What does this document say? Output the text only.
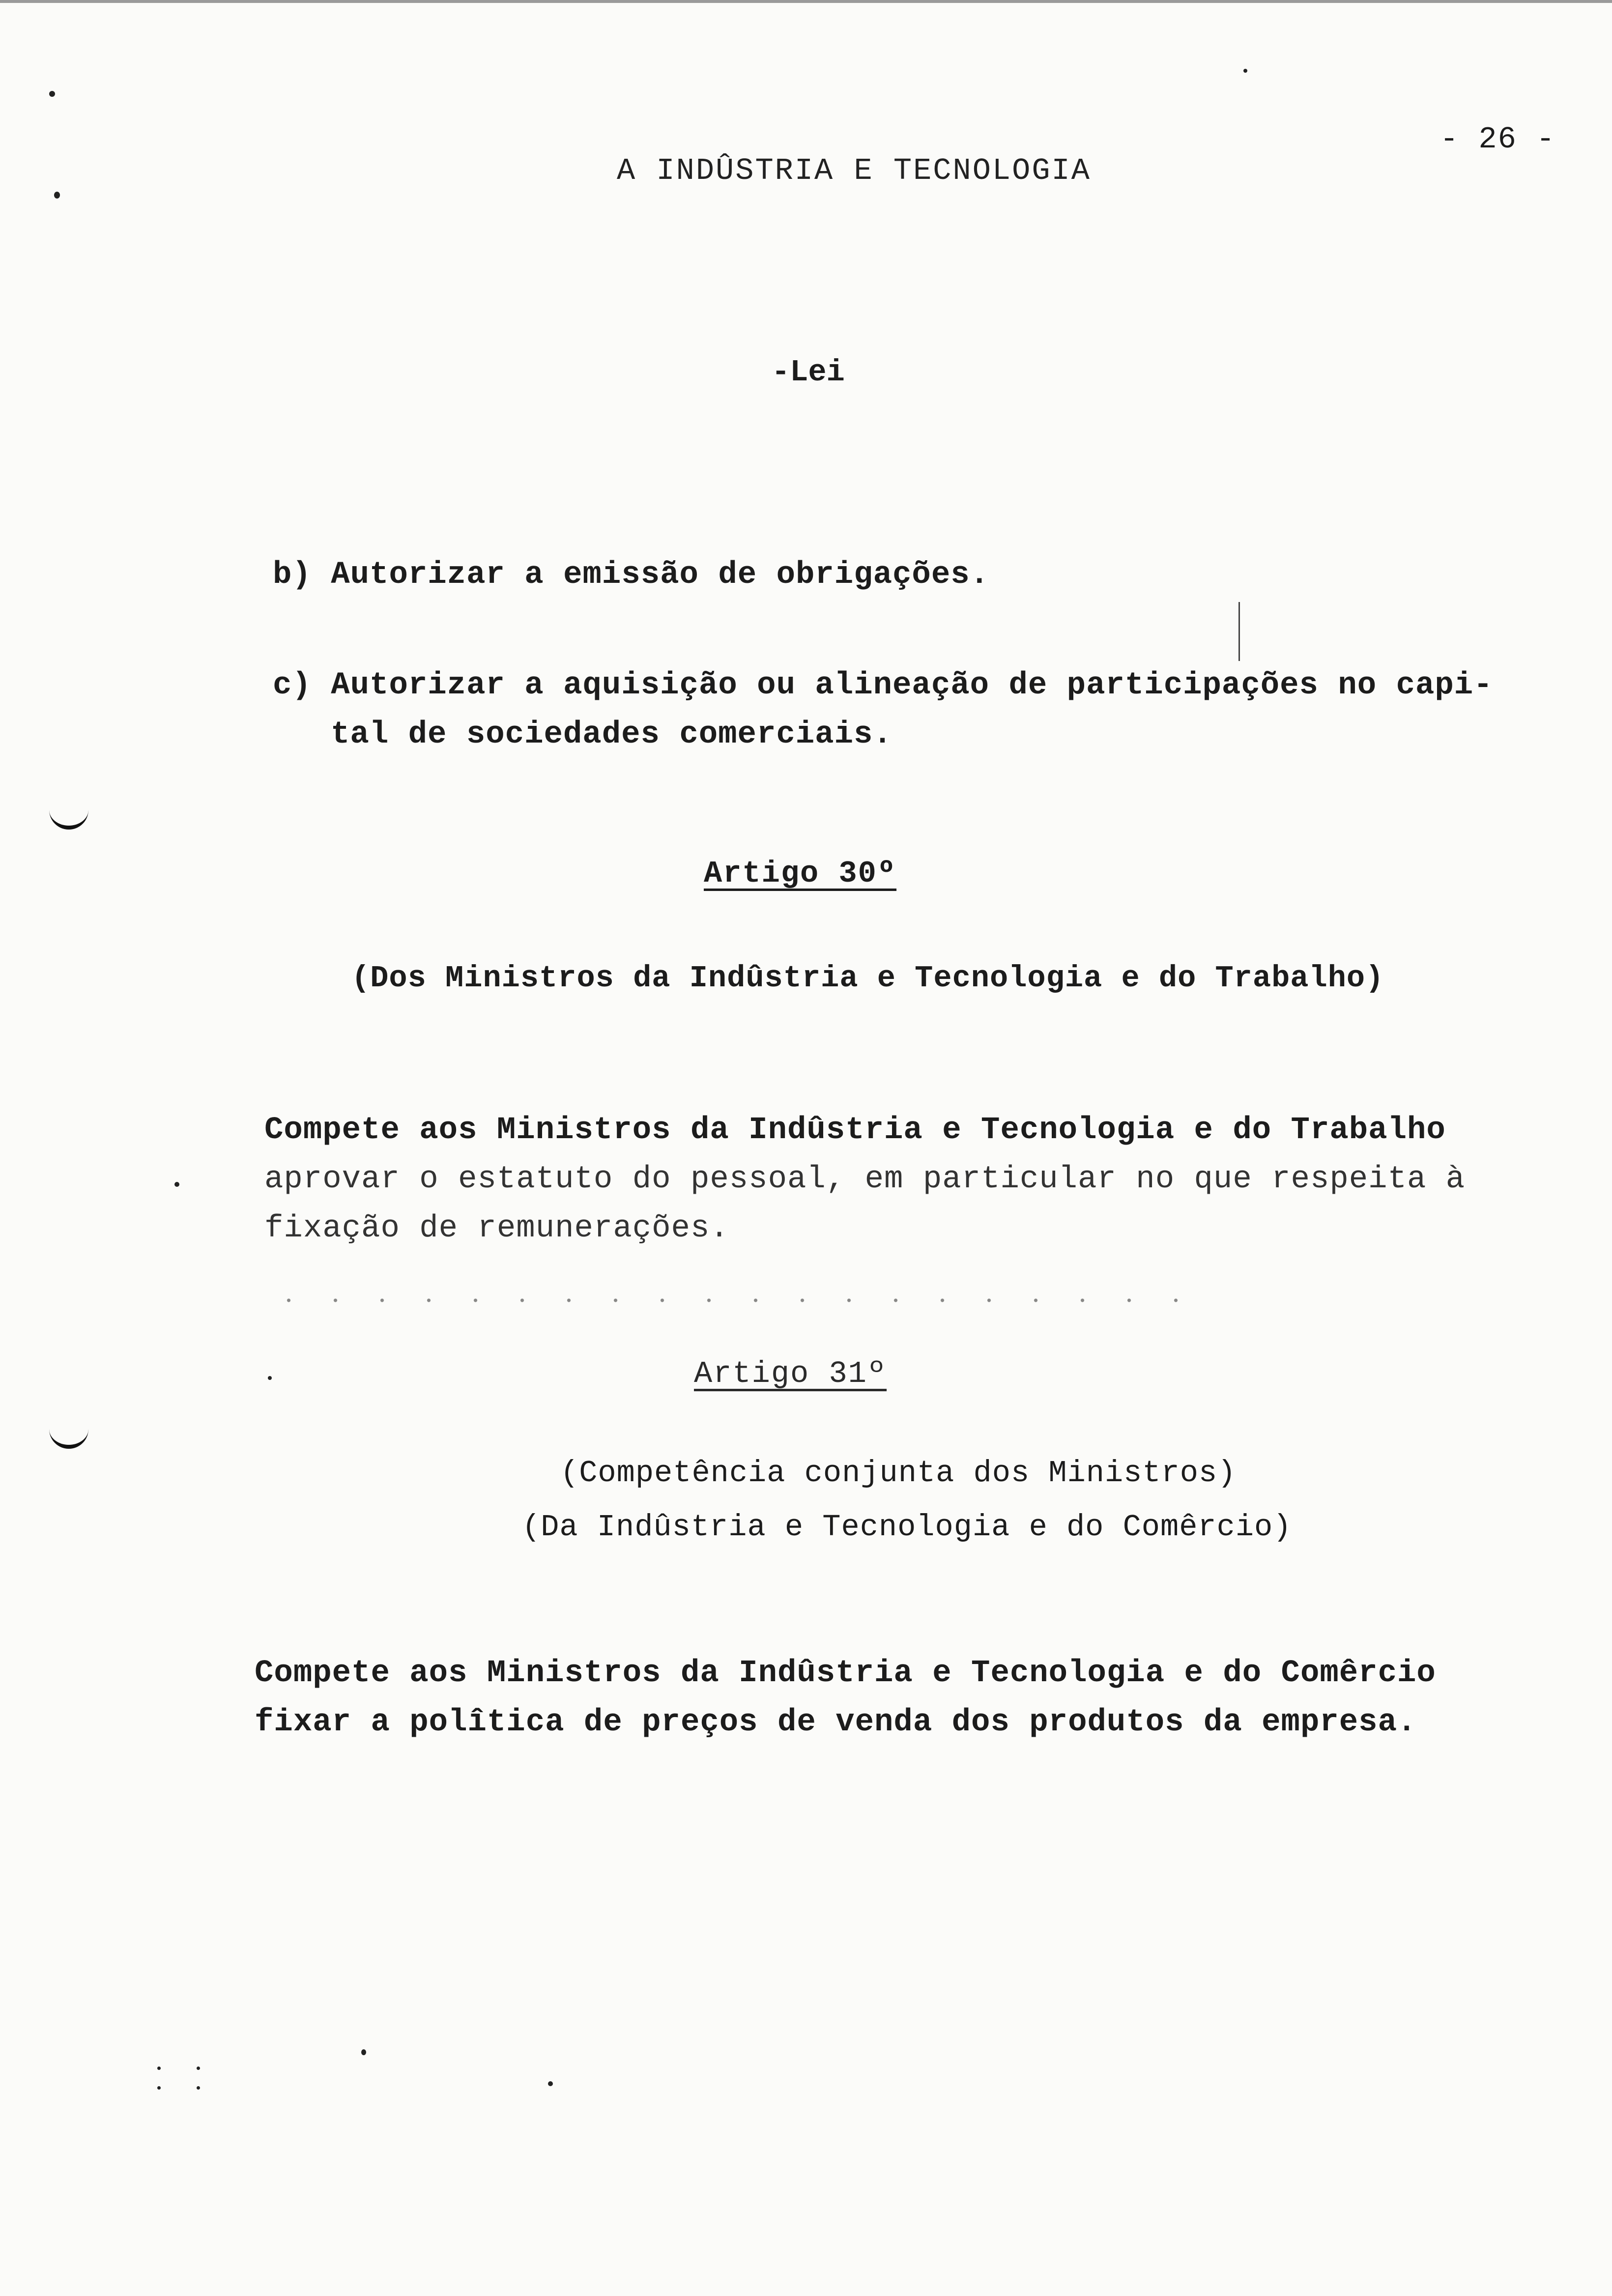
- 26 -
A INDÛSTRIA E TECNOLOGIA
-Lei
b) Autorizar a emissão de obrigações.
c) Autorizar a aquisição ou alineação de participações no capi-
tal de sociedades comerciais.
Artigo 30º
(Dos Ministros da Indûstria e Tecnologia e do Trabalho)
Compete aos Ministros da Indûstria e Tecnologia e do Trabalho
aprovar o estatuto do pessoal, em particular no que respeita à
fixação de remunerações.
Artigo 31º
(Competência conjunta dos Ministros)
(Da Indûstria e Tecnologia e do Comêrcio)
Compete aos Ministros da Indûstria e Tecnologia e do Comêrcio
fixar a polîtica de preços de venda dos produtos da empresa.
